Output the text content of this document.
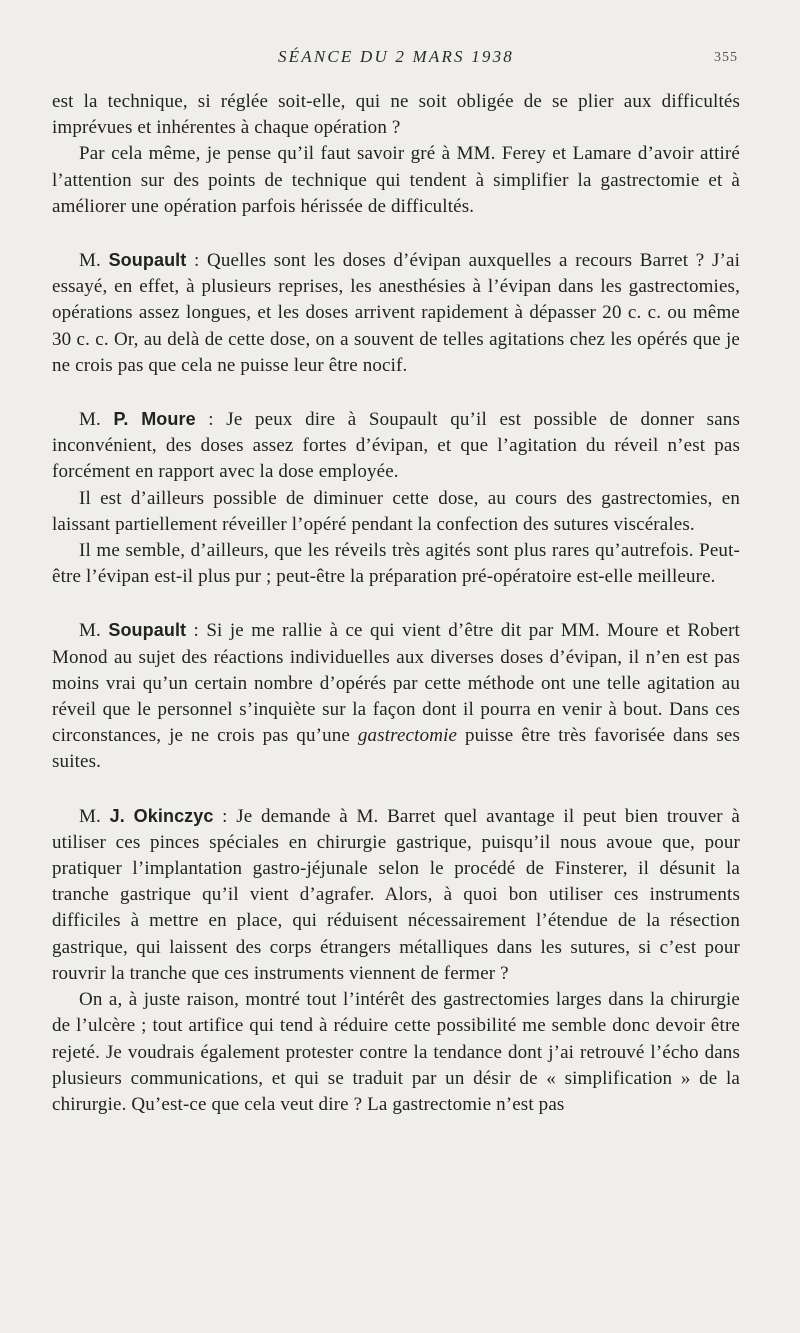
SÉANCE DU 2 MARS 1938	355

est la technique, si réglée soit-elle, qui ne soit obligée de se plier aux difficultés imprévues et inhérentes à chaque opération ?

Par cela même, je pense qu’il faut savoir gré à MM. Ferey et Lamare d’avoir attiré l’attention sur des points de technique qui tendent à simplifier la gastrectomie et à améliorer une opération parfois hérissée de difficultés.

M. Soupault : Quelles sont les doses d’évipan auxquelles a recours Barret ? J’ai essayé, en effet, à plusieurs reprises, les anesthésies à l’évipan dans les gastrectomies, opérations assez longues, et les doses arrivent rapidement à dépasser 20 c. c. ou même 30 c. c. Or, au delà de cette dose, on a souvent de telles agitations chez les opérés que je ne crois pas que cela ne puisse leur être nocif.

M. P. Moure : Je peux dire à Soupault qu’il est possible de donner sans inconvénient, des doses assez fortes d’évipan, et que l’agitation du réveil n’est pas forcément en rapport avec la dose employée.

Il est d’ailleurs possible de diminuer cette dose, au cours des gastrectomies, en laissant partiellement réveiller l’opéré pendant la confection des sutures viscérales.

Il me semble, d’ailleurs, que les réveils très agités sont plus rares qu’autrefois. Peut-être l’évipan est-il plus pur ; peut-être la préparation pré-opératoire est-elle meilleure.

M. Soupault : Si je me rallie à ce qui vient d’être dit par MM. Moure et Robert Monod au sujet des réactions individuelles aux diverses doses d’évipan, il n’en est pas moins vrai qu’un certain nombre d’opérés par cette méthode ont une telle agitation au réveil que le personnel s’inquiète sur la façon dont il pourra en venir à bout. Dans ces circonstances, je ne crois pas qu’une gastrectomie puisse être très favorisée dans ses suites.

M. J. Okinczyc : Je demande à M. Barret quel avantage il peut bien trouver à utiliser ces pinces spéciales en chirurgie gastrique, puisqu’il nous avoue que, pour pratiquer l’implantation gastro-jéjunale selon le procédé de Finsterer, il désunit la tranche gastrique qu’il vient d’agrafer. Alors, à quoi bon utiliser ces instruments difficiles à mettre en place, qui réduisent nécessairement l’étendue de la résection gastrique, qui laissent des corps étrangers métalliques dans les sutures, si c’est pour rouvrir la tranche que ces instruments viennent de fermer ?

On a, à juste raison, montré tout l’intérêt des gastrectomies larges dans la chirurgie de l’ulcère ; tout artifice qui tend à réduire cette possibilité me semble donc devoir être rejeté. Je voudrais également protester contre la tendance dont j’ai retrouvé l’écho dans plusieurs communications, et qui se traduit par un désir de « simplification » de la chirurgie. Qu’est-ce que cela veut dire ? La gastrectomie n’est pas
